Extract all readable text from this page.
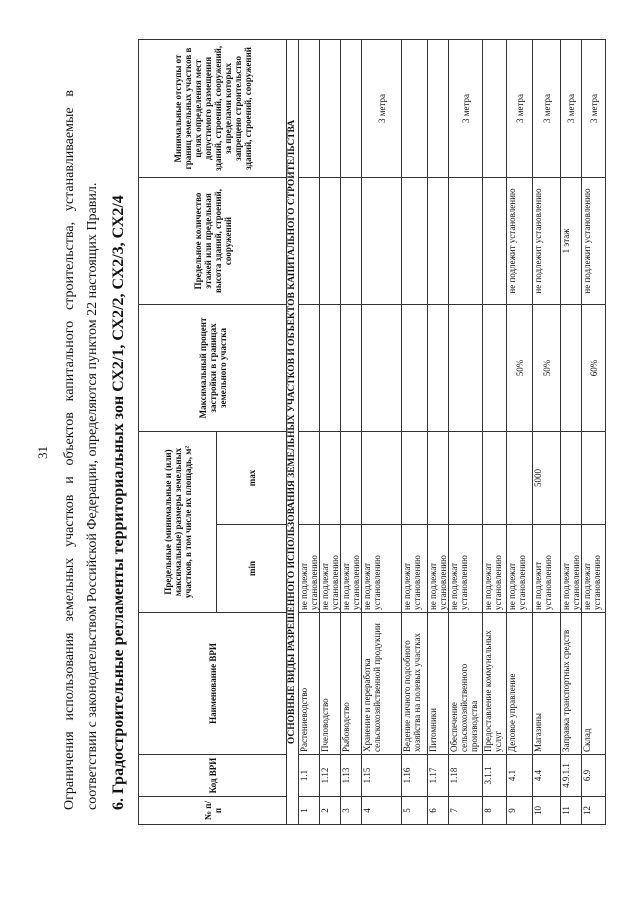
31 Ограничения использования земельных участков и объектов капитального строительства, устанавливаемые в соответствии с законодательством Российской Федерации, определяются пунктом 22 настоящих Правил. 6. Градостроительные регламенты территориальных зон СХ2/1, СХ2/2, СХ2/3, СХ2/4
№ п/п	Код ВРИ	Наименование ВРИ	Предельные (минимальные и (или) максимальные) размеры земельных участков, в том числе их площадь, м²		Максимальный процент застройки в границах земельного участка	Предельное количество этажей или предельная высота зданий, строений, сооружений	Минимальные отступы от границ земельных участков в целях определения мест допустимого размещения зданий, строений, сооружений, за пределами которых запрещено строительство зданий, строений, сооружений
			min	max			
ОСНОВНЫЕ ВИДЫ РАЗРЕШЕННОГО ИСПОЛЬЗОВАНИЯ ЗЕМЕЛЬНЫХ УЧАСТКОВ И ОБЪЕКТОВ КАПИТАЛЬНОГО СТРОИТЕЛЬСТВА							
1	1.1	Растениеводство	не подлежат установлению				
2	1.12	Пчеловодство	не подлежат установлению				
3	1.13	Рыбоводство	не подлежат установлению				
4	1.15	Хранение и переработка сельскохозяйственной продукции	не подлежат установлению				3 метра
5	1.16	Ведение личного подсобного хозяйства на полевых участках	не подлежат установлению				
6	1.17	Питомники	не подлежат установлению				
7	1.18	Обеспечение сельскохозяйственного производства	не подлежат установлению				3 метра
8	3.1.1	Предоставление коммунальных услуг	не подлежат установлению				
9	4.1	Деловое управление	не подлежат установлению		50%	не подлежит установлению	3 метра
10	4.4	Магазины	не подлежит установлению	5000	50%	не подлежит установлению	3 метра
11	4.9.1.1	Заправка транспортных средств	не подлежат установлению			1 этаж	3 метра
12	6.9	Склад	не подлежат установлению		60%	не подлежит установлению	3 метра
